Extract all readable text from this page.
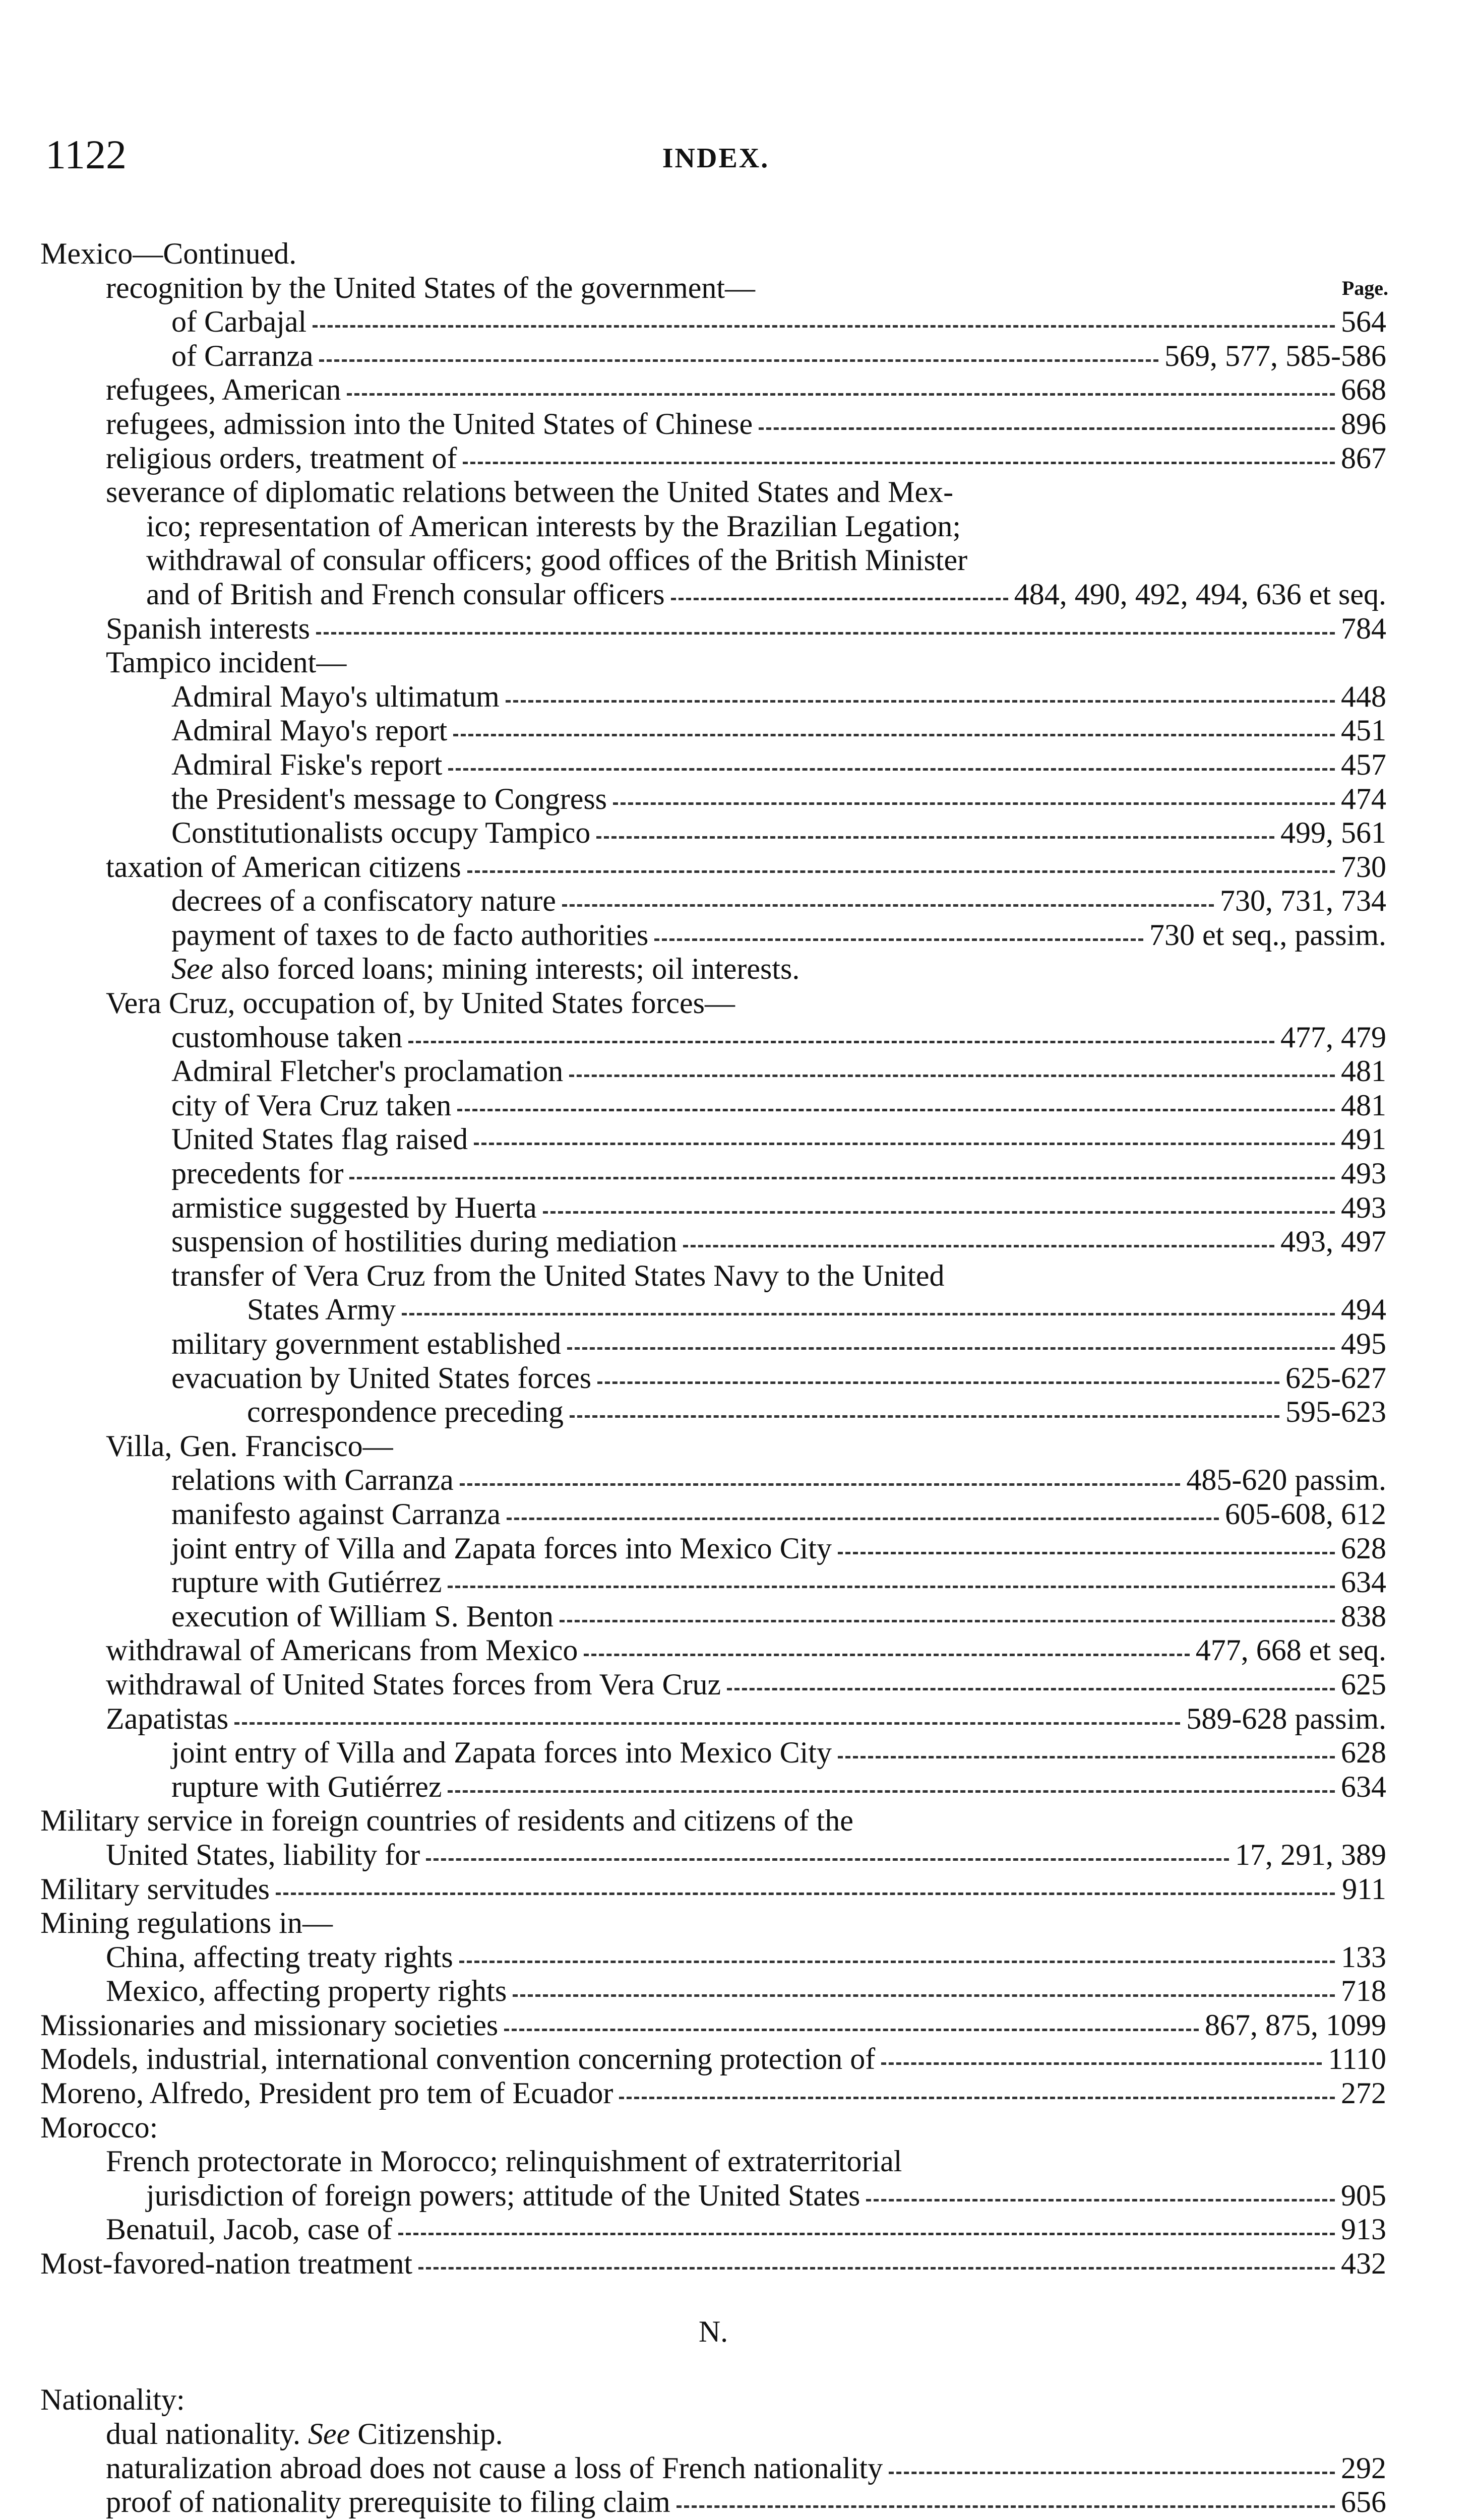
1122	INDEX.
Mexico—Continued.
recognition by the United States of the government—	Page.
of Carbajal	564
of Carranza	569, 577, 585-586
refugees, American	668
refugees, admission into the United States of Chinese	896
religious orders, treatment of	867
severance of diplomatic relations between the United States and Mex-
ico; representation of American interests by the Brazilian Legation;
withdrawal of consular officers; good offices of the British Minister
and of British and French consular officers	484, 490, 492, 494, 636 et seq.
Spanish interests	784
Tampico incident—
Admiral Mayo's ultimatum	448
Admiral Mayo's report	451
Admiral Fiske's report	457
the President's message to Congress	474
Constitutionalists occupy Tampico	499, 561
taxation of American citizens	730
decrees of a confiscatory nature	730, 731, 734
payment of taxes to de facto authorities	730 et seq., passim.
See also forced loans; mining interests; oil interests.
Vera Cruz, occupation of, by United States forces—
customhouse taken	477, 479
Admiral Fletcher's proclamation	481
city of Vera Cruz taken	481
United States flag raised	491
precedents for	493
armistice suggested by Huerta	493
suspension of hostilities during mediation	493, 497
transfer of Vera Cruz from the United States Navy to the United
States Army	494
military government established	495
evacuation by United States forces	625-627
correspondence preceding	595-623
Villa, Gen. Francisco—
relations with Carranza	485-620 passim.
manifesto against Carranza	605-608, 612
joint entry of Villa and Zapata forces into Mexico City	628
rupture with Gutiérrez	634
execution of William S. Benton	838
withdrawal of Americans from Mexico	477, 668 et seq.
withdrawal of United States forces from Vera Cruz	625
Zapatistas	589-628 passim.
joint entry of Villa and Zapata forces into Mexico City	628
rupture with Gutiérrez	634
Military service in foreign countries of residents and citizens of the
United States, liability for	17, 291, 389
Military servitudes	911
Mining regulations in—
China, affecting treaty rights	133
Mexico, affecting property rights	718
Missionaries and missionary societies	867, 875, 1099
Models, industrial, international convention concerning protection of	1110
Moreno, Alfredo, President pro tem of Ecuador	272
Morocco:
French protectorate in Morocco; relinquishment of extraterritorial
jurisdiction of foreign powers; attitude of the United States	905
Benatuil, Jacob, case of	913
Most-favored-nation treatment	432
N.
Nationality:
dual nationality. See Citizenship.
naturalization abroad does not cause a loss of French nationality	292
proof of nationality prerequisite to filing claim	656
